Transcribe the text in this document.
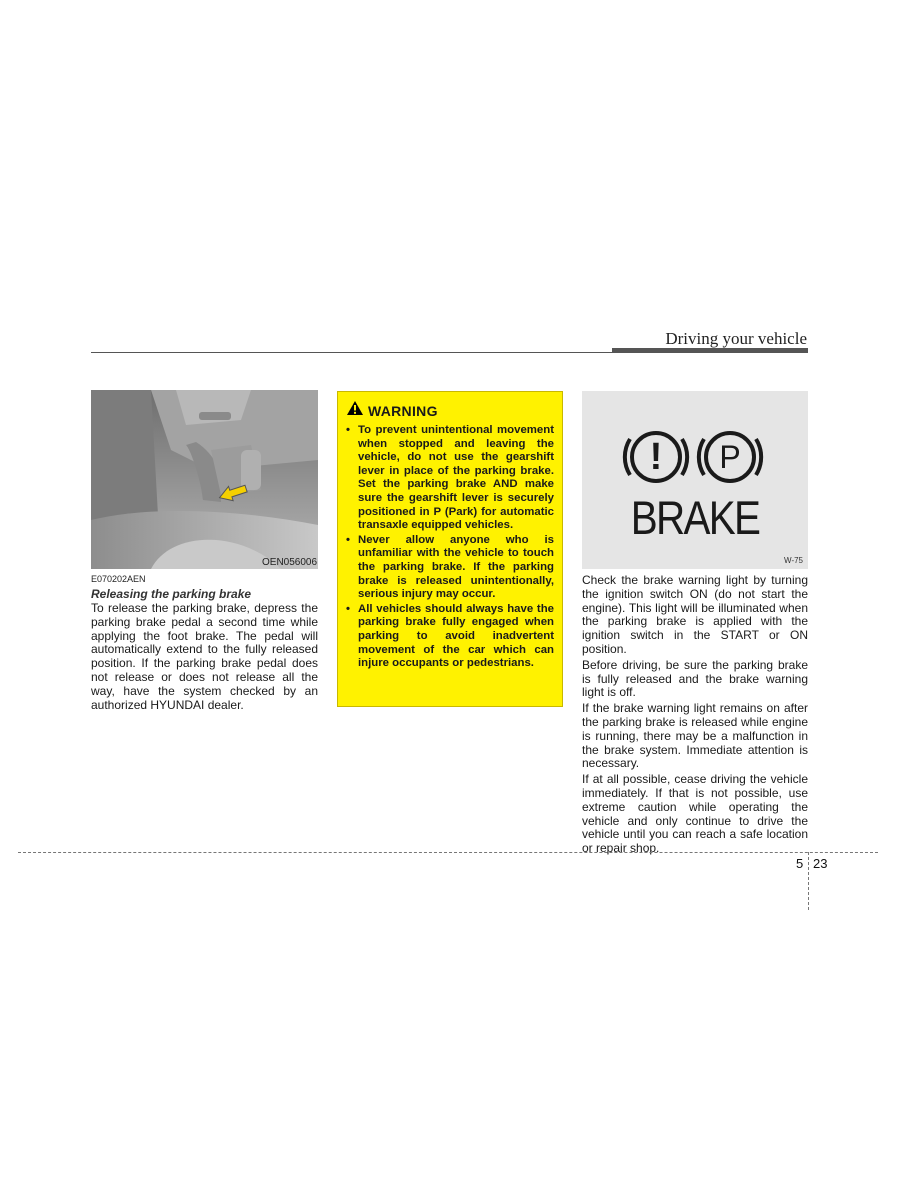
Driving your vehicle
OEN056006
E070202AEN
Releasing the parking brake
To release the parking brake, depress the parking brake pedal a second time while applying the foot brake. The pedal will automatically extend to the fully released position. If the parking brake pedal does not release or does not release all the way, have the system checked by an authorized HYUNDAI dealer.
WARNING
• To prevent unintentional movement when stopped and leaving the vehicle, do not use the gearshift lever in place of the parking brake. Set the parking brake AND make sure the gearshift lever is securely positioned in P (Park) for automatic transaxle equipped vehicles.
• Never allow anyone who is unfamiliar with the vehicle to touch the parking brake. If the parking brake is released unintentionally, serious injury may occur.
• All vehicles should always have the parking brake fully engaged when parking to avoid inadvertent movement of the car which can injure occupants or pedestrians.
! P
BRAKE
W-75

Check the brake warning light by turning the ignition switch ON (do not start the engine). This light will be illuminated when the parking brake is applied with the ignition switch in the START or ON position.

Before driving, be sure the parking brake is fully released and the brake warning light is off.

If the brake warning light remains on after the parking brake is released while engine is running, there may be a malfunction in the brake system. Immediate attention is necessary.

If at all possible, cease driving the vehicle immediately. If that is not possible, use extreme caution while operating the vehicle and only continue to drive the vehicle until you can reach a safe location or repair shop.

5 23
